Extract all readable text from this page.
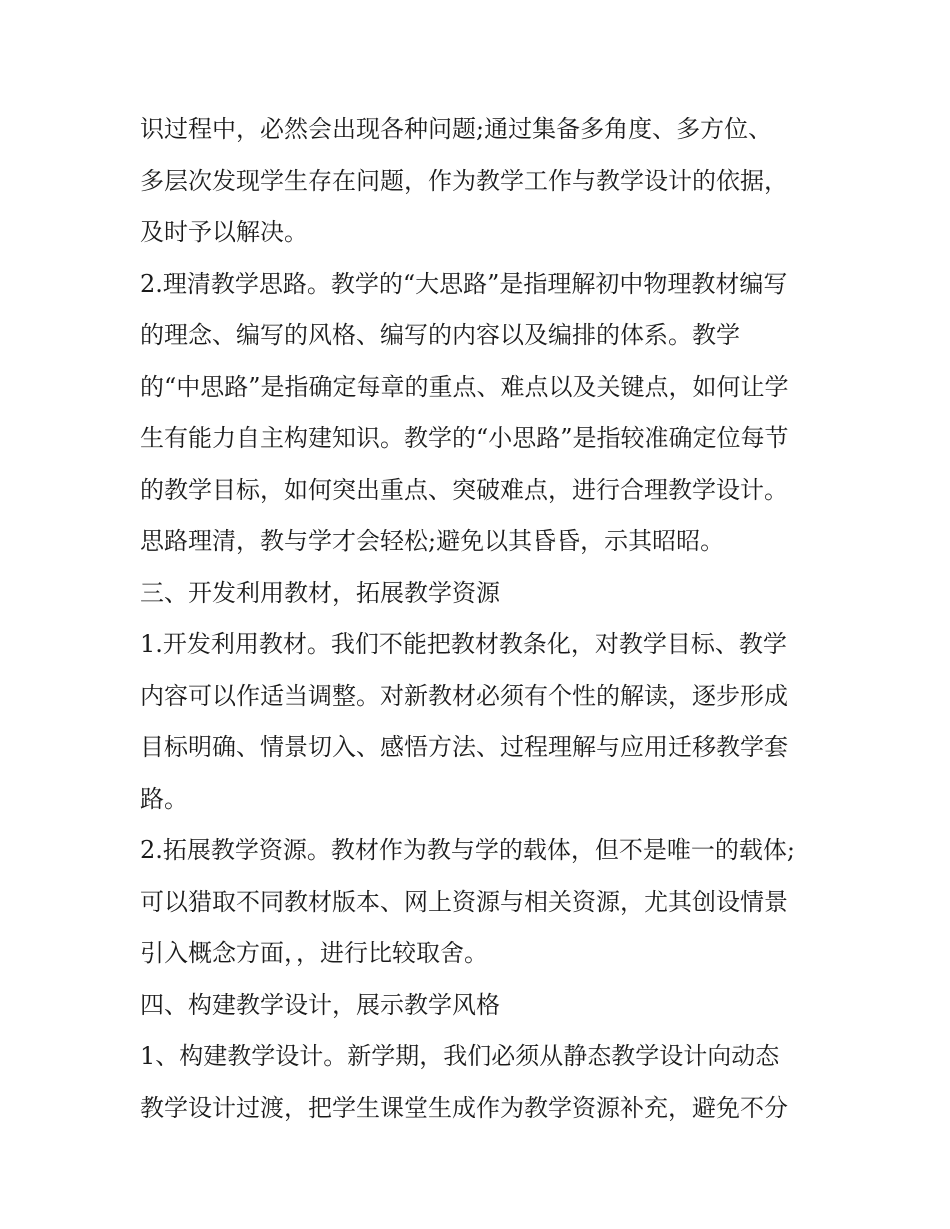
识过程中，必然会出现各种问题;通过集备多角度、多方位、
多层次发现学生存在问题，作为教学工作与教学设计的依据，
及时予以解决。
2.理清教学思路。教学的“大思路”是指理解初中物理教材编写
的理念、编写的风格、编写的内容以及编排的体系。教学
的“中思路”是指确定每章的重点、难点以及关键点，如何让学
生有能力自主构建知识。教学的“小思路”是指较准确定位每节
的教学目标，如何突出重点、突破难点，进行合理教学设计。
思路理清，教与学才会轻松;避免以其昏昏，示其昭昭。
三、开发利用教材，拓展教学资源
1.开发利用教材。我们不能把教材教条化，对教学目标、教学
内容可以作适当调整。对新教材必须有个性的解读，逐步形成
目标明确、情景切入、感悟方法、过程理解与应用迁移教学套
路。
2.拓展教学资源。教材作为教与学的载体，但不是唯一的载体;
可以猎取不同教材版本、网上资源与相关资源，尤其创设情景
引入概念方面，，进行比较取舍。
四、构建教学设计，展示教学风格
1、构建教学设计。新学期，我们必须从静态教学设计向动态
教学设计过渡，把学生课堂生成作为教学资源补充，避免不分
